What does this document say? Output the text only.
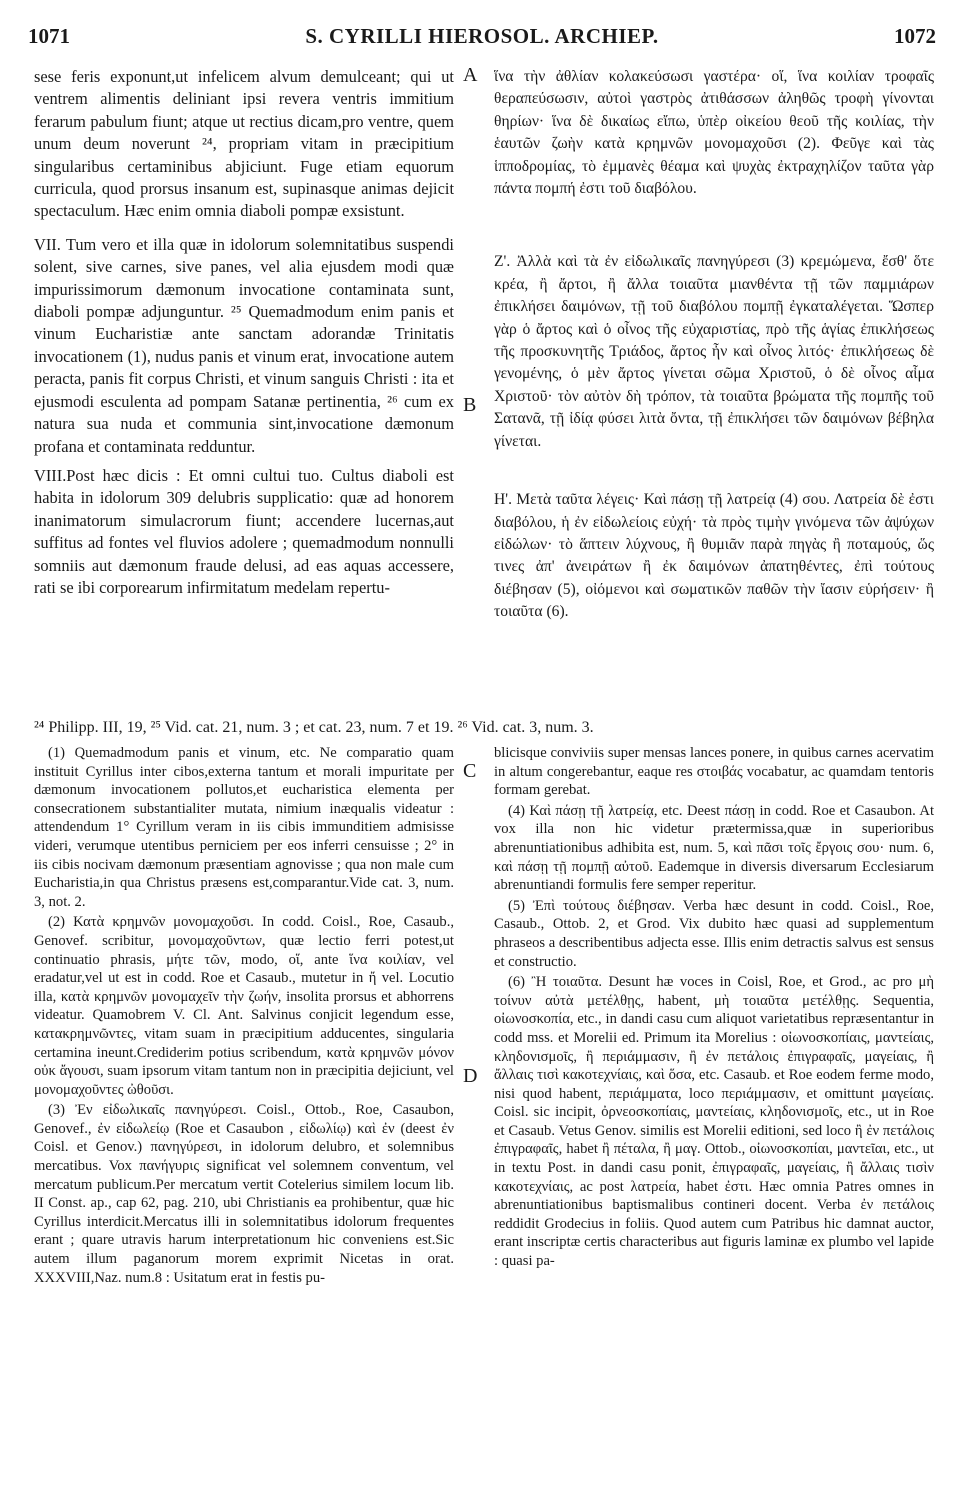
1071	S. CYRILLI HIEROSOL. ARCHIEP.	1072
A
B
C
D

sese feris exponunt,ut infelicem alvum demulceant; qui ut ventrem alimentis deliniant ipsi revera ventris immitium ferarum pabulum fiunt; atque ut rectius dicam,pro ventre, quem unum deum noverunt ²⁴, propriam vitam in præcipitium singularibus certaminibus abjiciunt. Fuge etiam equorum curricula, quod prorsus insanum est, supinasque animas dejicit spectaculum. Hæc enim omnia diaboli pompæ exsistunt.

VII. Tum vero et illa quæ in idolorum solemnitatibus suspendi solent, sive carnes, sive panes, vel alia ejusdem modi quæ impurissimorum dæmonum invocatione contaminata sunt, diaboli pompæ adjunguntur. ²⁵ Quemadmodum enim panis et vinum Eucharistiæ ante sanctam adorandæ Trinitatis invocationem (1), nudus panis et vinum erat, invocatione autem peracta, panis fit corpus Christi, et vinum sanguis Christi : ita et ejusmodi esculenta ad pompam Satanæ pertinentia, ²⁶ cum ex natura sua nuda et communia sint,invocatione dæmonum profana et contaminata redduntur.

VIII.Post hæc dicis : Et omni cultui tuo. Cultus diaboli est habita in idolorum 309 delubris supplicatio: quæ ad honorem inanimatorum simulacrorum fiunt; accendere lucernas,aut suffitus ad fontes vel fluvios adolere ; quemadmodum nonnulli somniis aut dæmonum fraude delusi, ad eas aquas accessere, rati se ibi corporearum infirmitatum medelam repertu-

ἵνα τὴν ἀθλίαν κολακεύσωσι γαστέρα· οἵ, ἵνα κοιλίαν τροφαῖς θεραπεύσωσιν, αὐτοὶ γαστρὸς ἀτιθάσσων ἀληθῶς τροφὴ γίνονται θηρίων· ἵνα δὲ δικαίως εἴπω, ὑπὲρ οἰκείου θεοῦ τῆς κοιλίας, τὴν ἑαυτῶν ζωὴν κατὰ κρημνῶν μονομαχοῦσι (2). Φεῦγε καὶ τὰς ἱπποδρομίας, τὸ ἐμμανὲς θέαμα καὶ ψυχὰς ἐκτραχηλίζον ταῦτα γὰρ πάντα πομπή ἐστι τοῦ διαβόλου.

Ζ'. Ἀλλὰ καὶ τὰ ἐν εἰδωλικαῖς πανηγύρεσι (3) κρεμώμενα, ἔσθ' ὅτε κρέα, ἢ ἄρτοι, ἢ ἄλλα τοιαῦτα μιανθέντα τῇ τῶν παμμιάρων ἐπικλήσει δαιμόνων, τῇ τοῦ διαβόλου πομπῇ ἐγκαταλέγεται. Ὥσπερ γὰρ ὁ ἄρτος καὶ ὁ οἶνος τῆς εὐχαριστίας, πρὸ τῆς ἁγίας ἐπικλήσεως τῆς προσκυνητῆς Τριάδος, ἄρτος ἦν καὶ οἶνος λιτός· ἐπικλήσεως δὲ γενομένης, ὁ μὲν ἄρτος γίνεται σῶμα Χριστοῦ, ὁ δὲ οἶνος αἷμα Χριστοῦ· τὸν αὐτὸν δὴ τρόπον, τὰ τοιαῦτα βρώματα τῆς πομπῆς τοῦ Σατανᾶ, τῇ ἰδίᾳ φύσει λιτὰ ὄντα, τῇ ἐπικλήσει τῶν δαιμόνων βέβηλα γίνεται.

Η'. Μετὰ ταῦτα λέγεις· Καὶ πάσῃ τῇ λατρείᾳ (4) σου. Λατρεία δὲ ἐστι διαβόλου, ἡ ἐν εἰδωλείοις εὐχή· τὰ πρὸς τιμὴν γινόμενα τῶν ἀψύχων εἰδώλων· τὸ ἅπτειν λύχνους, ἢ θυμιᾶν παρὰ πηγὰς ἢ ποταμούς, ὥς τινες ἀπ' ἀνειράτων ἢ ἐκ δαιμόνων ἀπατηθέντες, ἐπὶ τούτους διέβησαν (5), οἰόμενοι καὶ σωματικῶν παθῶν τὴν ἴασιν εὑρήσειν· ἢ τοιαῦτα (6).

²⁴ Philipp. III, 19, ²⁵ Vid. cat. 21, num. 3 ; et cat. 23, num. 7 et 19. ²⁶ Vid. cat. 3, num. 3.

(1) Quemadmodum panis et vinum, etc. Ne comparatio quam instituit Cyrillus inter cibos,externa tantum et morali impuritate per dæmonum invocationem pollutos,et eucharistica elementa per consecrationem substantialiter mutata, nimium inæqualis videatur : attendendum 1° Cyrillum veram in iis cibis immunditiem admisisse videri, verumque utentibus perniciem per eos inferri censuisse ; 2° in iis cibis nocivam dæmonum præsentiam agnovisse ; qua non male cum Eucharistia,in qua Christus præsens est,comparantur.Vide cat. 3, num. 3, not. 2.

(2) Κατὰ κρημνῶν μονομαχοῦσι. In codd. Coisl., Roe, Casaub., Genovef. scribitur, μονομαχοῦντων, quæ lectio ferri potest,ut continuatio phrasis, μήτε τῶν, modo, οἵ, ante ἵνα κοιλίαν, vel eradatur,vel ut est in codd. Roe et Casaub., mutetur in ἤ vel. Locutio illa, κατὰ κρημνῶν μονομαχεῖν τὴν ζωήν, insolita prorsus et abhorrens videatur. Quamobrem V. Cl. Ant. Salvinus conjicit legendum esse, κατακρημνῶντες, vitam suam in præcipitium adducentes, singularia certamina ineunt.Crediderim potius scribendum, κατὰ κρημνῶν μόνον οὐκ ἄγουσι, suam ipsorum vitam tantum non in præcipitia dejiciunt, vel μονομαχοῦντες ὠθοῦσι.

(3) Ἐν εἰδωλικαῖς πανηγύρεσι. Coisl., Ottob., Roe, Casaubon, Genovef., ἐν εἰδωλείῳ (Roe et Casaubon , εἰδωλίῳ) καὶ ἐν (deest ἐν Coisl. et Genov.) πανηγύρεσι, in idolorum delubro, et solemnibus mercatibus. Vox πανήγυρις significat vel solemnem conventum, vel mercatum publicum.Per mercatum vertit Cotelerius similem locum lib. II Const. ap., cap 62, pag. 210, ubi Christianis ea prohibentur, quæ hic Cyrillus interdicit.Mercatus illi in solemnitatibus idolorum frequentes erant ; quare utravis harum interpretationum hic conveniens est.Sic autem illum paganorum morem exprimit Nicetas in orat. XXXVIII,Naz. num.8 : Usitatum erat in festis pu-

blicisque conviviis super mensas lances ponere, in quibus carnes acervatim in altum congerebantur, eaque res στοιβάς vocabatur, ac quamdam tentoris formam gerebat.

(4) Καὶ πάσῃ τῇ λατρείᾳ, etc. Deest πάσῃ in codd. Roe et Casaubon. At vox illa non hic videtur prætermissa,quæ in superioribus abrenuntiationibus adhibita est, num. 5, καὶ πᾶσι τοῖς ἔργοις σου· num. 6, καὶ πάσῃ τῇ πομπῇ αὐτοῦ. Eademque in diversis diversarum Ecclesiarum abrenuntiandi formulis fere semper reperitur.

(5) Ἐπὶ τούτους διέβησαν. Verba hæc desunt in codd. Coisl., Roe, Casaub., Ottob. 2, et Grod. Vix dubito hæc quasi ad supplementum phraseos a describentibus adjecta esse. Illis enim detractis salvus est sensus et constructio.

(6) Ἢ τοιαῦτα. Desunt hæ voces in Coisl, Roe, et Grod., ac pro μὴ τοίνυν αὐτὰ μετέλθῃς, habent, μὴ τοιαῦτα μετέλθῃς. Sequentia, οἰωνοσκοπία, etc., in dandi casu cum aliquot varietatibus repræsentantur in codd mss. et Morelii ed. Primum ita Morelius : οἰωνοσκοπίαις, μαντείαις, κληδονισμοῖς, ἢ περιάμμασιν, ἢ ἐν πετάλοις ἐπιγραφαῖς, μαγείαις, ἢ ἄλλαις τισὶ κακοτεχνίαις, καὶ ὅσα, etc. Casaub. et Roe eodem ferme modo, nisi quod habent, περιάμματα, loco περιάμμασιν, et omittunt μαγείαις. Coisl. sic incipit, ὀρνεοσκοπίαις, μαντείαις, κληδονισμοῖς, etc., ut in Roe et Casaub. Vetus Genov. similis est Morelii editioni, sed loco ἢ ἐν πετάλοις ἐπιγραφαῖς, habet ἢ πέταλα, ἢ μαγ. Ottob., οἰωνοσκοπίαι, μαντεῖαι, etc., ut in textu Post. in dandi casu ponit, ἐπιγραφαῖς, μαγείαις, ἢ ἄλλαις τισὶν κακοτεχνίαις, ac post λατρεία, habet ἐστι. Hæc omnia Patres omnes in abrenuntiationibus baptismalibus contineri docent. Verba ἐν πετάλοις reddidit Grodecius in foliis. Quod autem cum Patribus hic damnat auctor, erant inscriptæ certis characteribus aut figuris laminæ ex plumbo vel lapide : quasi pa-
